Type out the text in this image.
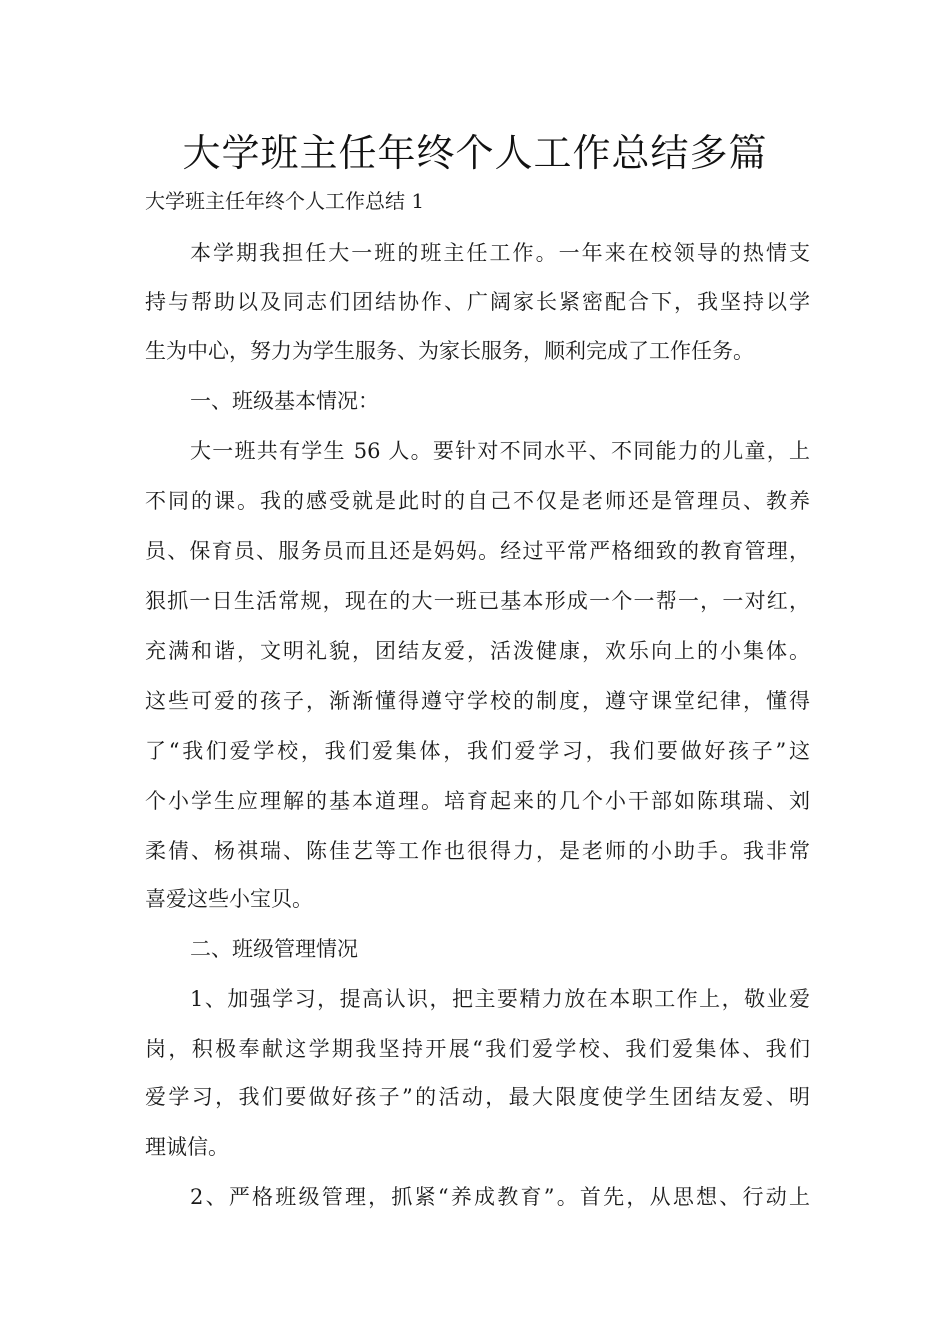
大学班主任年终个人工作总结多篇

大学班主任年终个人工作总结 1

本学期我担任大一班的班主任工作。一年来在校领导的热情支
持与帮助以及同志们团结协作、广阔家长紧密配合下，我坚持以学
生为中心，努力为学生服务、为家长服务，顺利完成了工作任务。
一、班级基本情况：
大一班共有学生 56 人。要针对不同水平、不同能力的儿童，上
不同的课。我的感受就是此时的自己不仅是老师还是管理员、教养
员、保育员、服务员而且还是妈妈。经过平常严格细致的教育管理，
狠抓一日生活常规，现在的大一班已基本形成一个一帮一，一对红，
充满和谐，文明礼貌，团结友爱，活泼健康，欢乐向上的小集体。
这些可爱的孩子，渐渐懂得遵守学校的制度，遵守课堂纪律，懂得
了“我们爱学校，我们爱集体，我们爱学习，我们要做好孩子”这
个小学生应理解的基本道理。培育起来的几个小干部如陈琪瑞、刘
柔倩、杨祺瑞、陈佳艺等工作也很得力，是老师的小助手。我非常
喜爱这些小宝贝。
二、班级管理情况
1、加强学习，提高认识，把主要精力放在本职工作上，敬业爱
岗，积极奉献这学期我坚持开展“我们爱学校、我们爱集体、我们
爱学习，我们要做好孩子”的活动，最大限度使学生团结友爱、明
理诚信。
2、严格班级管理，抓紧“养成教育”。首先，从思想、行动上
